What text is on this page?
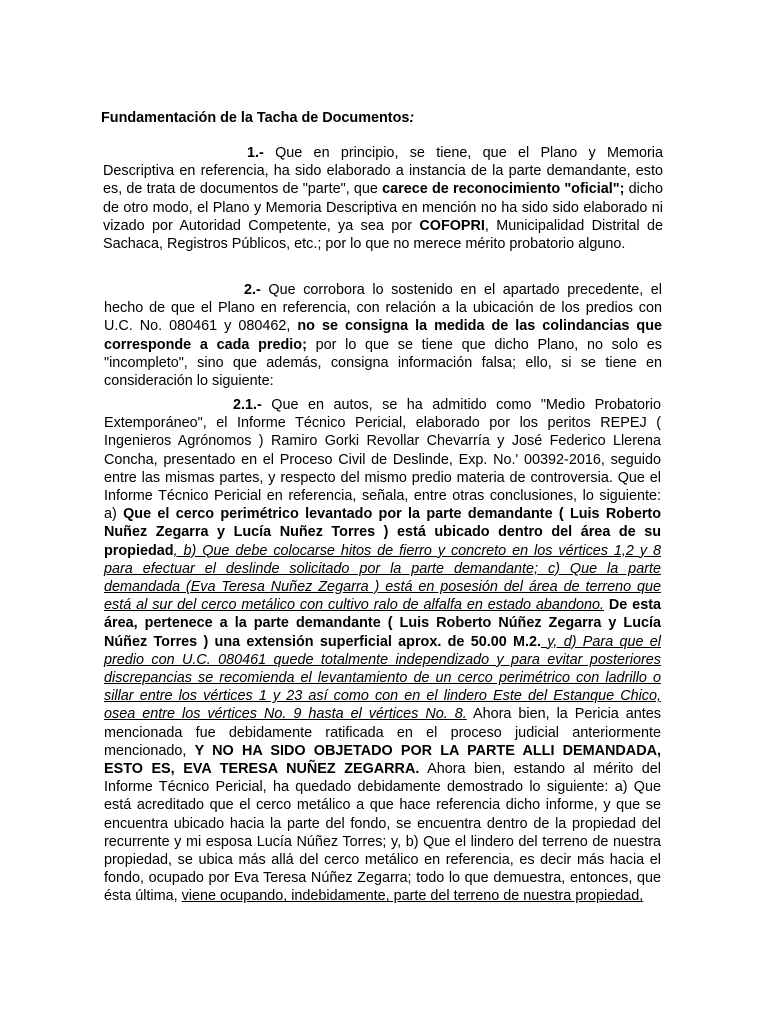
Fundamentación de la Tacha de Documentos:

1.- Que en principio, se tiene, que el Plano y Memoria Descriptiva en referencia, ha sido elaborado a instancia de la parte demandante, esto es, de trata de documentos de "parte", que carece de reconocimiento "oficial"; dicho de otro modo, el Plano y Memoria Descriptiva en mención no ha sido sido elaborado ni vizado por Autoridad Competente, ya sea por COFOPRI, Municipalidad Distrital de Sachaca, Registros Públicos, etc.; por lo que no merece mérito probatorio alguno.

2.- Que corrobora lo sostenido en el apartado precedente, el hecho de que el Plano en referencia, con relación a la ubicación de los predios con U.C. No. 080461 y 080462, no se consigna la medida de las colindancias que corresponde a cada predio; por lo que se tiene que dicho Plano, no solo es "incompleto", sino que además, consigna información falsa; ello, si se tiene en consideración lo siguiente:

2.1.- Que en autos, se ha admitido como "Medio Probatorio Extemporáneo", el Informe Técnico Pericial, elaborado por los peritos REPEJ ( Ingenieros Agrónomos ) Ramiro Gorki Revollar Chevarría y José Federico Llerena Concha, presentado en el Proceso Civil de Deslinde, Exp. No.' 00392-2016, seguido entre las mismas partes, y respecto del mismo predio materia de controversia. Que el Informe Técnico Pericial en referencia, señala, entre otras conclusiones, lo siguiente: a) Que el cerco perimétrico levantado por la parte demandante ( Luis Roberto Nuñez Zegarra y Lucía Nuñez Torres ) está ubicado dentro del área de su propiedad, b) Que debe colocarse hitos de fierro y concreto en los vértices 1,2 y 8 para efectuar el deslinde solicitado por la parte demandante; c) Que la parte demandada (Eva Teresa Nuñez Zegarra ) está en posesión del área de terreno que está al sur del cerco metálico con cultivo ralo de alfalfa en estado abandono. De esta área, pertenece a la parte demandante ( Luis Roberto Núñez Zegarra y Lucía Núñez Torres ) una extensión superficial aprox. de 50.00 M.2. y, d) Para que el predio con U.C. 080461 quede totalmente independizado y para evitar posteriores discrepancias se recomienda el levantamiento de un cerco perimétrico con ladrillo o sillar entre los vértices 1 y 23 así como con en el lindero Este del Estanque Chico, osea entre los vértices No. 9 hasta el vértices No. 8. Ahora bien, la Pericia antes mencionada fue debidamente ratificada en el proceso judicial anteriormente mencionado, Y NO HA SIDO OBJETADO POR LA PARTE ALLI DEMANDADA, ESTO ES, EVA TERESA NUÑEZ ZEGARRA. Ahora bien, estando al mérito del Informe Técnico Pericial, ha quedado debidamente demostrado lo siguiente: a) Que está acreditado que el cerco metálico a que hace referencia dicho informe, y que se encuentra ubicado hacia la parte del fondo, se encuentra dentro de la propiedad del recurrente y mi esposa Lucía Núñez Torres; y, b) Que el lindero del terreno de nuestra propiedad, se ubica más allá del cerco metálico en referencia, es decir más hacia el fondo, ocupado por Eva Teresa Núñez Zegarra; todo lo que demuestra, entonces, que ésta última, viene ocupando, indebidamente, parte del terreno de nuestra propiedad,
